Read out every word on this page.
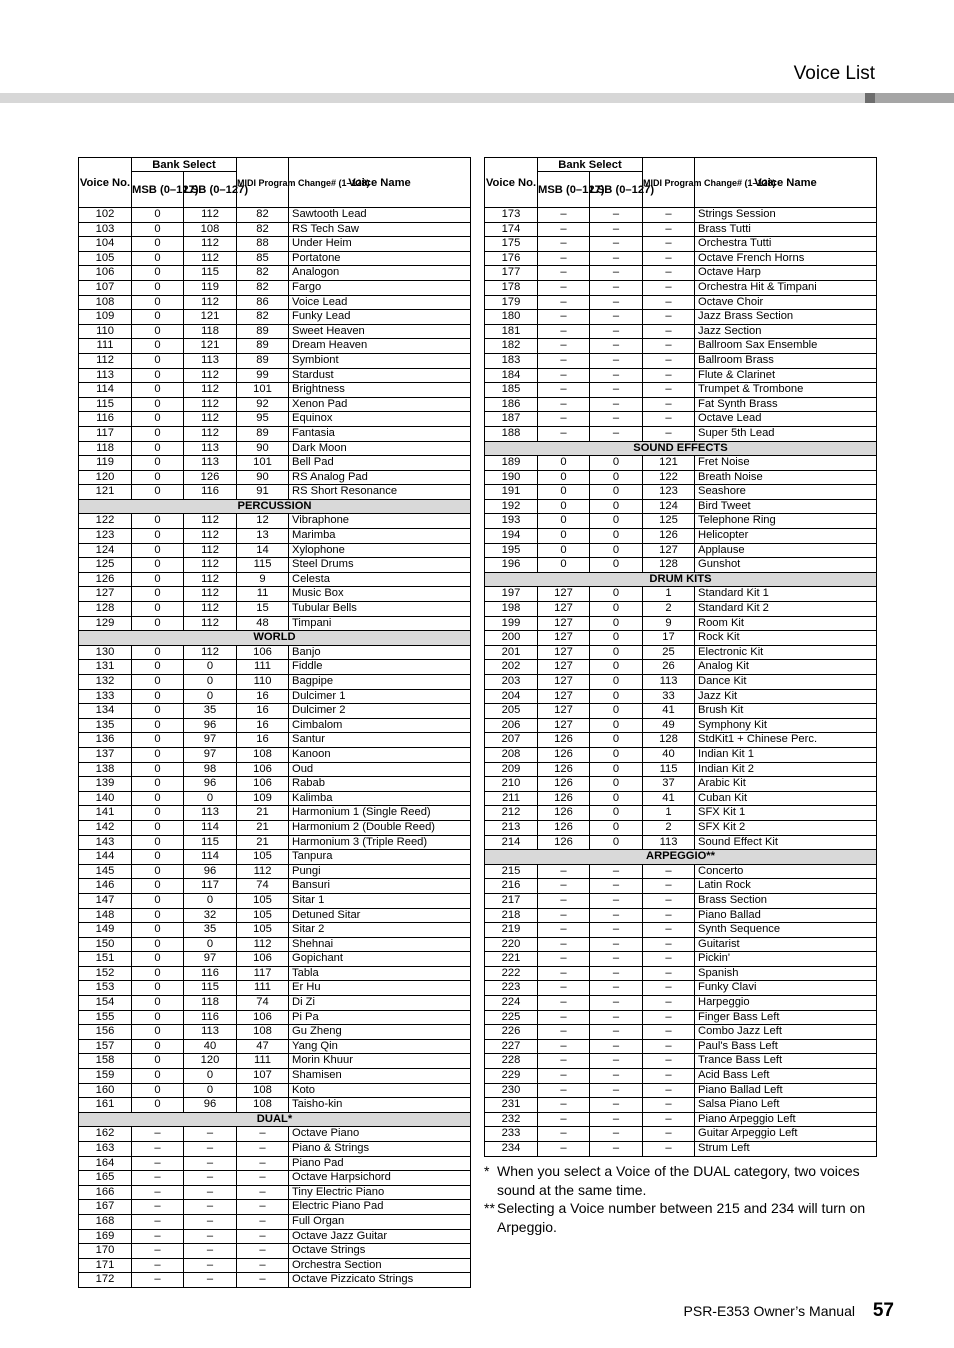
Voice List
Voice No.	Bank Select		MIDI Program Change# (1–128)	Voice Name
	MSB (0–127)	LSB (0–127)		
102	0	112	82	Sawtooth Lead
103	0	108	82	RS Tech Saw
104	0	112	88	Under Heim
105	0	112	85	Portatone
106	0	115	82	Analogon
107	0	119	82	Fargo
108	0	112	86	Voice Lead
109	0	121	82	Funky Lead
110	0	118	89	Sweet Heaven
111	0	121	89	Dream Heaven
112	0	113	89	Symbiont
113	0	112	99	Stardust
114	0	112	101	Brightness
115	0	112	92	Xenon Pad
116	0	112	95	Equinox
117	0	112	89	Fantasia
118	0	113	90	Dark Moon
119	0	113	101	Bell Pad
120	0	126	90	RS Analog Pad
121	0	116	91	RS Short Resonance
PERCUSSION				
122	0	112	12	Vibraphone
123	0	112	13	Marimba
124	0	112	14	Xylophone
125	0	112	115	Steel Drums
126	0	112	9	Celesta
127	0	112	11	Music Box
128	0	112	15	Tubular Bells
129	0	112	48	Timpani
WORLD				
130	0	112	106	Banjo
131	0	0	111	Fiddle
132	0	0	110	Bagpipe
133	0	0	16	Dulcimer 1
134	0	35	16	Dulcimer 2
135	0	96	16	Cimbalom
136	0	97	16	Santur
137	0	97	108	Kanoon
138	0	98	106	Oud
139	0	96	106	Rabab
140	0	0	109	Kalimba
141	0	113	21	Harmonium 1 (Single Reed)
142	0	114	21	Harmonium 2 (Double Reed)
143	0	115	21	Harmonium 3 (Triple Reed)
144	0	114	105	Tanpura
145	0	96	112	Pungi
146	0	117	74	Bansuri
147	0	0	105	Sitar 1
148	0	32	105	Detuned Sitar
149	0	35	105	Sitar 2
150	0	0	112	Shehnai
151	0	97	106	Gopichant
152	0	116	117	Tabla
153	0	115	111	Er Hu
154	0	118	74	Di Zi
155	0	116	106	Pi Pa
156	0	113	108	Gu Zheng
157	0	40	47	Yang Qin
158	0	120	111	Morin Khuur
159	0	0	107	Shamisen
160	0	0	108	Koto
161	0	96	108	Taisho-kin
DUAL*				
162	–	–	–	Octave Piano
163	–	–	–	Piano & Strings
164	–	–	–	Piano Pad
165	–	–	–	Octave Harpsichord
166	–	–	–	Tiny Electric Piano
167	–	–	–	Electric Piano Pad
168	–	–	–	Full Organ
169	–	–	–	Octave Jazz Guitar
170	–	–	–	Octave Strings
171	–	–	–	Orchestra Section
172	–	–	–	Octave Pizzicato Strings
Voice No.	Bank Select		MIDI Program Change# (1–128)	Voice Name
	MSB (0–127)	LSB (0–127)		
173	–	–	–	Strings Session
174	–	–	–	Brass Tutti
175	–	–	–	Orchestra Tutti
176	–	–	–	Octave French Horns
177	–	–	–	Octave Harp
178	–	–	–	Orchestra Hit & Timpani
179	–	–	–	Octave Choir
180	–	–	–	Jazz Brass Section
181	–	–	–	Jazz Section
182	–	–	–	Ballroom Sax Ensemble
183	–	–	–	Ballroom Brass
184	–	–	–	Flute & Clarinet
185	–	–	–	Trumpet & Trombone
186	–	–	–	Fat Synth Brass
187	–	–	–	Octave Lead
188	–	–	–	Super 5th Lead
SOUND EFFECTS				
189	0	0	121	Fret Noise
190	0	0	122	Breath Noise
191	0	0	123	Seashore
192	0	0	124	Bird Tweet
193	0	0	125	Telephone Ring
194	0	0	126	Helicopter
195	0	0	127	Applause
196	0	0	128	Gunshot
DRUM KITS				
197	127	0	1	Standard Kit 1
198	127	0	2	Standard Kit 2
199	127	0	9	Room Kit
200	127	0	17	Rock Kit
201	127	0	25	Electronic Kit
202	127	0	26	Analog Kit
203	127	0	113	Dance Kit
204	127	0	33	Jazz Kit
205	127	0	41	Brush Kit
206	127	0	49	Symphony Kit
207	126	0	128	StdKit1 + Chinese Perc.
208	126	0	40	Indian Kit 1
209	126	0	115	Indian Kit 2
210	126	0	37	Arabic Kit
211	126	0	41	Cuban Kit
212	126	0	1	SFX Kit 1
213	126	0	2	SFX Kit 2
214	126	0	113	Sound Effect Kit
ARPEGGIO**				
215	–	–	–	Concerto
216	–	–	–	Latin Rock
217	–	–	–	Brass Section
218	–	–	–	Piano Ballad
219	–	–	–	Synth Sequence
220	–	–	–	Guitarist
221	–	–	–	Pickin'
222	–	–	–	Spanish
223	–	–	–	Funky Clavi
224	–	–	–	Harpeggio
225	–	–	–	Finger Bass Left
226	–	–	–	Combo Jazz Left
227	–	–	–	Paul's Bass Left
228	–	–	–	Trance Bass Left
229	–	–	–	Acid Bass Left
230	–	–	–	Piano Ballad Left
231	–	–	–	Salsa Piano Left
232	–	–	–	Piano Arpeggio Left
233	–	–	–	Guitar Arpeggio Left
234	–	–	–	Strum Left
* When you select a Voice of the DUAL category, two voices sound at the same time.
** Selecting a Voice number between 215 and 234 will turn on Arpeggio.
PSR-E353 Owner’s Manual 57
